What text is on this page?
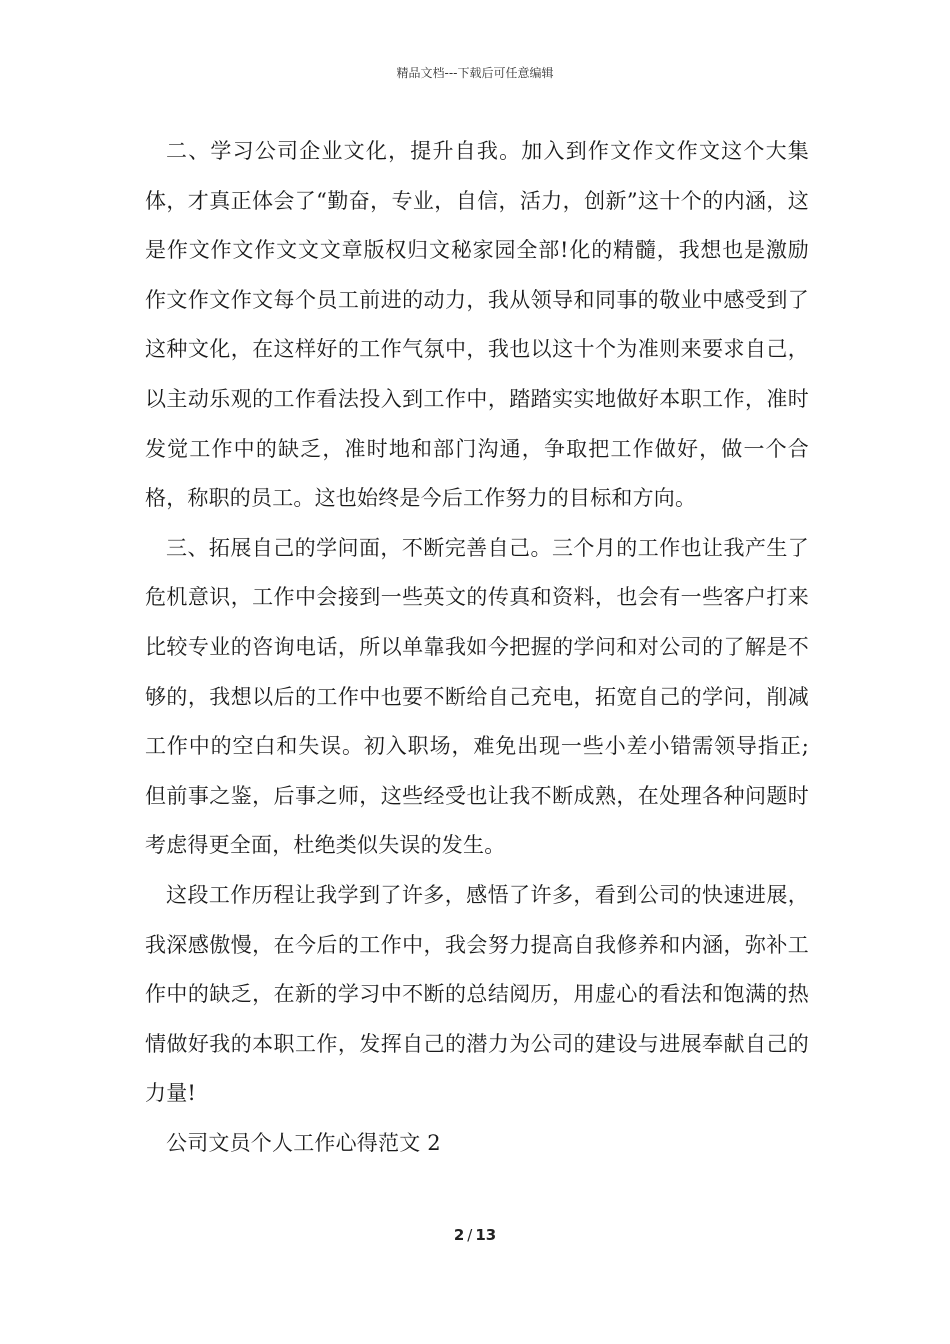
精品文档---下载后可任意编辑

二、学习公司企业文化，提升自我。加入到作文作文作文这个大集体，才真正体会了“勤奋，专业，自信，活力，创新”这十个的内涵，这是作文作文作文文文章版权归文秘家园全部!化的精髓，我想也是激励作文作文作文每个员工前进的动力，我从领导和同事的敬业中感受到了这种文化，在这样好的工作气氛中，我也以这十个为准则来要求自己，以主动乐观的工作看法投入到工作中，踏踏实实地做好本职工作，准时发觉工作中的缺乏，准时地和部门沟通，争取把工作做好，做一个合格，称职的员工。这也始终是今后工作努力的目标和方向。

三、拓展自己的学问面，不断完善自己。三个月的工作也让我产生了危机意识，工作中会接到一些英文的传真和资料，也会有一些客户打来比较专业的咨询电话，所以单靠我如今把握的学问和对公司的了解是不够的，我想以后的工作中也要不断给自己充电，拓宽自己的学问，削减工作中的空白和失误。初入职场，难免出现一些小差小错需领导指正;但前事之鉴，后事之师，这些经受也让我不断成熟，在处理各种问题时考虑得更全面，杜绝类似失误的发生。

这段工作历程让我学到了许多，感悟了许多，看到公司的快速进展，我深感傲慢，在今后的工作中，我会努力提高自我修养和内涵，弥补工作中的缺乏，在新的学习中不断的总结阅历，用虚心的看法和饱满的热情做好我的本职工作，发挥自己的潜力为公司的建设与进展奉献自己的力量!

公司文员个人工作心得范文 2

2 / 13
